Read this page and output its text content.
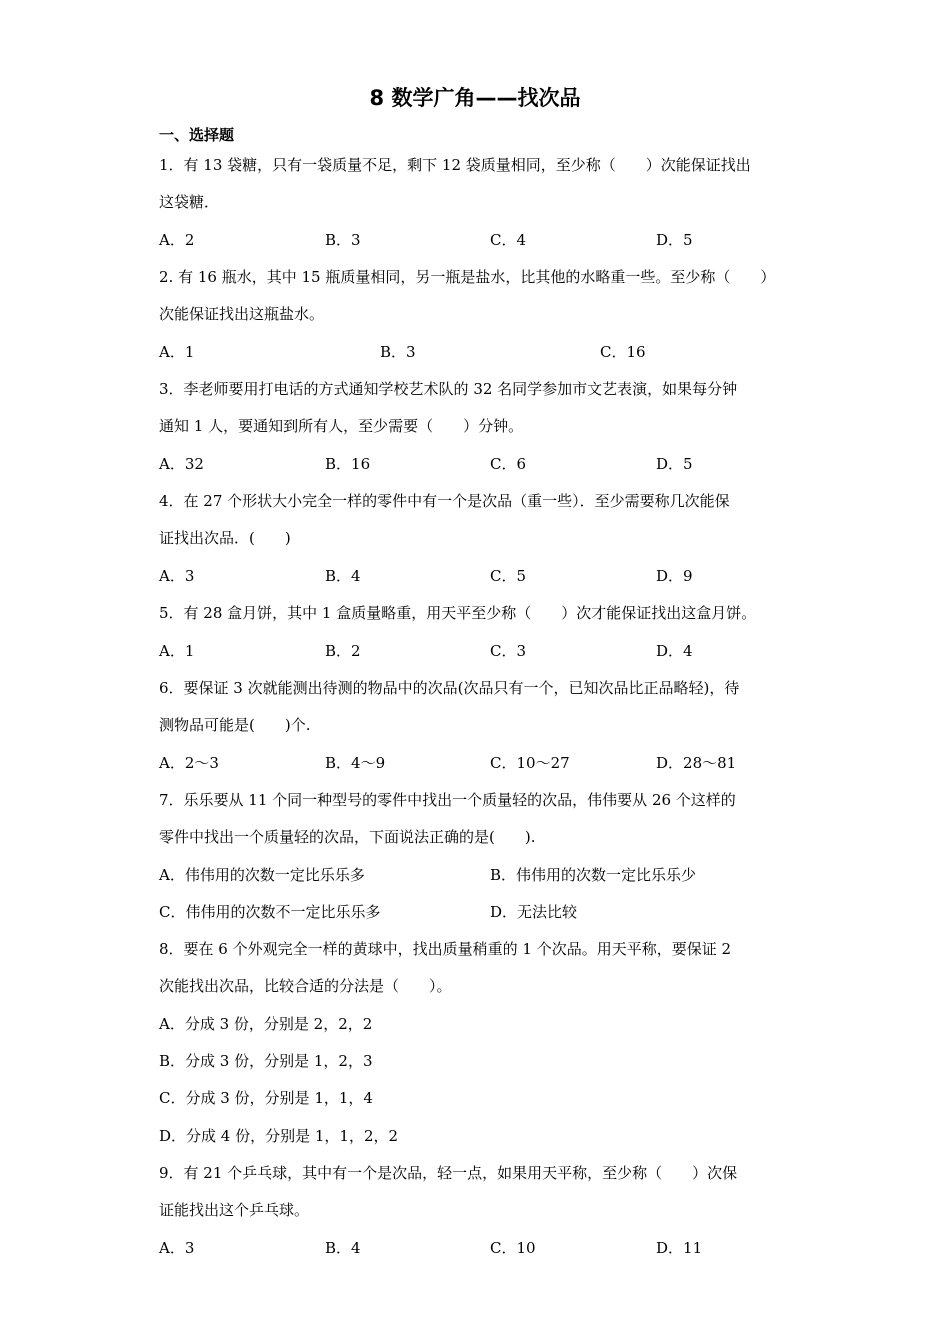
8 数学广角——找次品
一、选择题
1．有 13 袋糖，只有一袋质量不足，剩下 12 袋质量相同，至少称（　　）次能保证找出
这袋糖．
A．2	B．3	C．4	D．5
2. 有 16 瓶水，其中 15 瓶质量相同，另一瓶是盐水，比其他的水略重一些。至少称（　　）
次能保证找出这瓶盐水。
A．1	B．3	C．16
3．李老师要用打电话的方式通知学校艺术队的 32 名同学参加市文艺表演，如果每分钟
通知 1 人，要通知到所有人，至少需要（　　）分钟。
A．32	B．16	C．6	D．5
4．在 27 个形状大小完全一样的零件中有一个是次品（重一些）．至少需要称几次能保
证找出次品．(　　)
A．3	B．4	C．5	D．9
5．有 28 盒月饼，其中 1 盒质量略重，用天平至少称（　　）次才能保证找出这盒月饼。
A．1	B．2	C．3	D．4
6．要保证 3 次就能测出待测的物品中的次品(次品只有一个，已知次品比正品略轻)，待
测物品可能是(　　)个.
A．2～3	B．4～9	C．10～27	D．28～81
7．乐乐要从 11 个同一种型号的零件中找出一个质量轻的次品，伟伟要从 26 个这样的
零件中找出一个质量轻的次品，下面说法正确的是(　　).
A．伟伟用的次数一定比乐乐多	B．伟伟用的次数一定比乐乐少
C．伟伟用的次数不一定比乐乐多	D．无法比较
8．要在 6 个外观完全一样的黄球中，找出质量稍重的 1 个次品。用天平称，要保证 2
次能找出次品，比较合适的分法是（　　）。
A．分成 3 份，分别是 2，2，2
B．分成 3 份，分别是 1，2，3
C．分成 3 份，分别是 1，1，4
D．分成 4 份，分别是 1，1，2，2
9．有 21 个乒乓球，其中有一个是次品，轻一点，如果用天平称，至少称（　　）次保
证能找出这个乒乓球。
A．3	B．4	C．10	D．11
